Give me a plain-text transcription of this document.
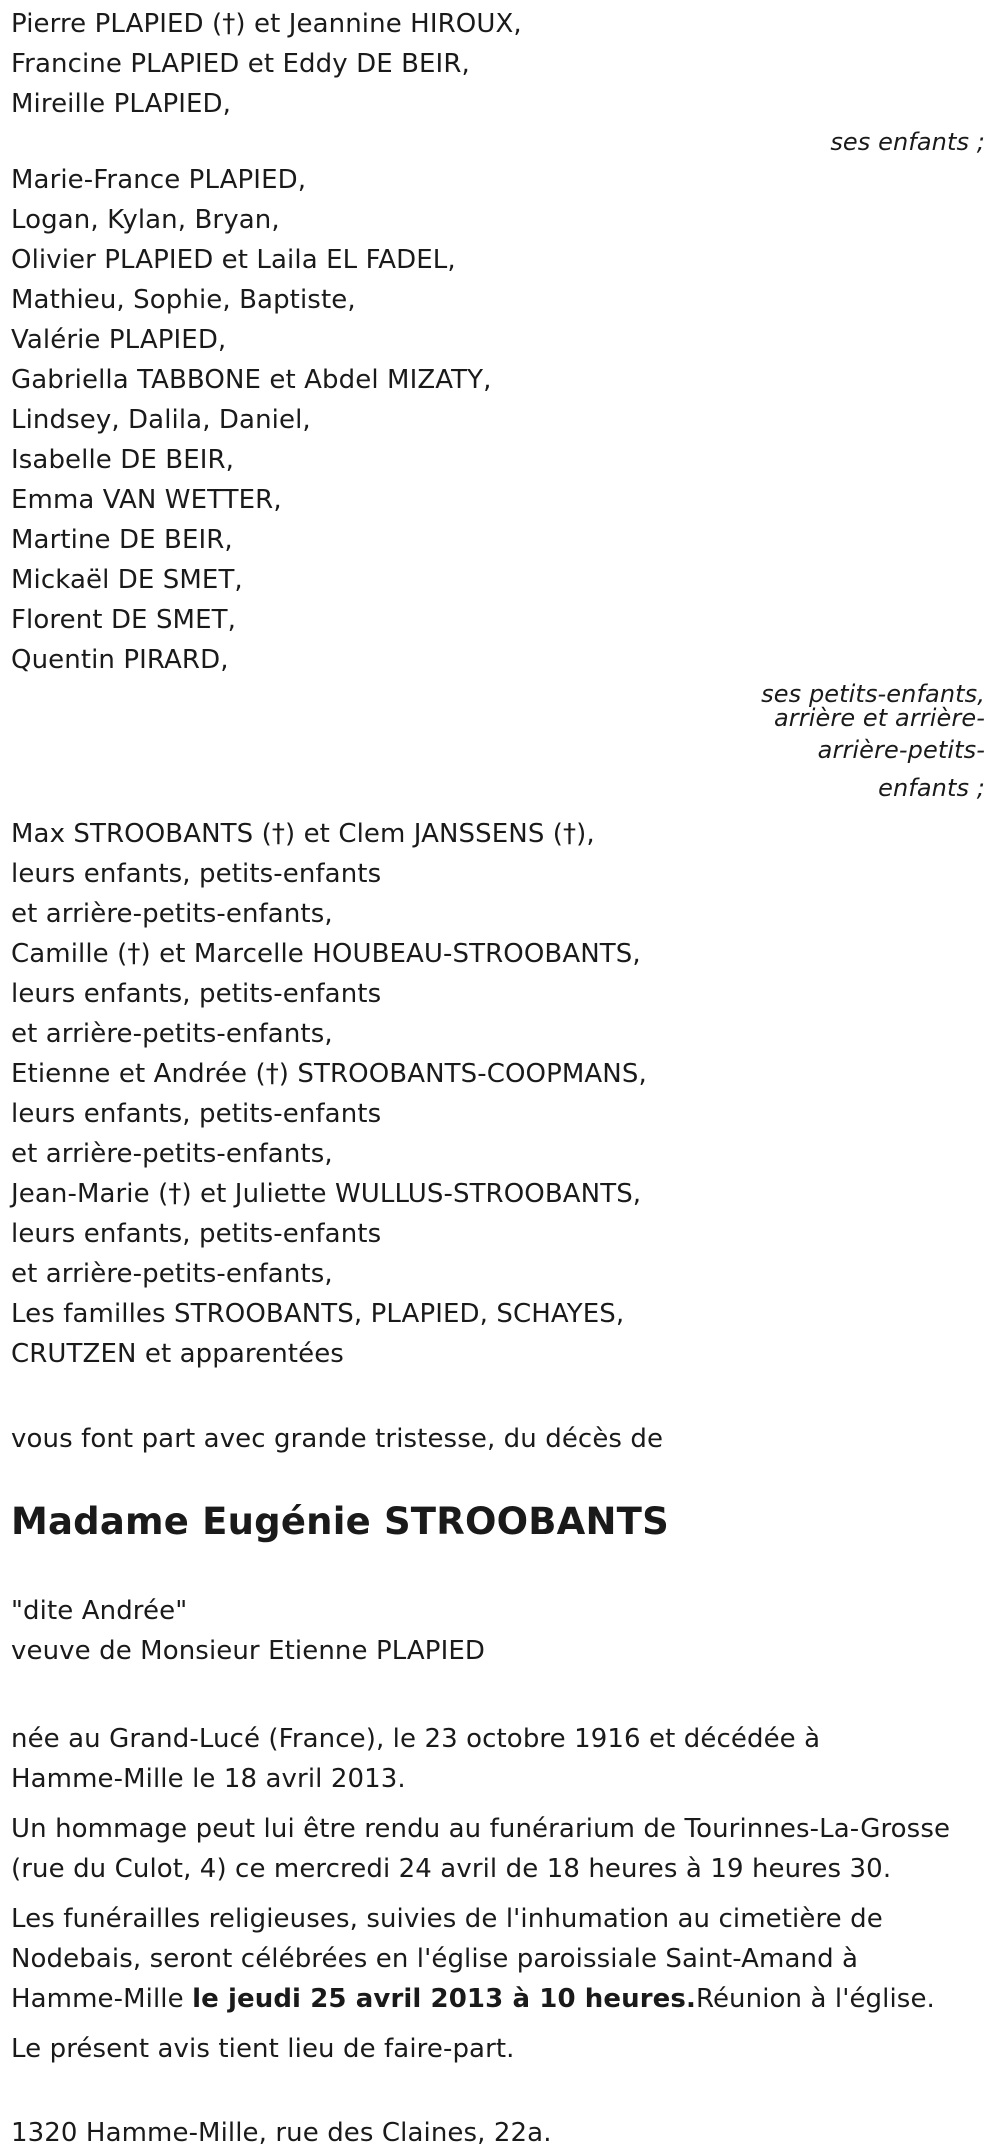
Pierre PLAPIED (†) et Jeannine HIROUX,
Francine PLAPIED et Eddy DE BEIR,
Mireille PLAPIED,
ses enfants ;
Marie-France PLAPIED,
Logan, Kylan, Bryan,
Olivier PLAPIED et Laila EL FADEL,
Mathieu, Sophie, Baptiste,
Valérie PLAPIED,
Gabriella TABBONE et Abdel MIZATY,
Lindsey, Dalila, Daniel,
Isabelle DE BEIR,
Emma VAN WETTER,
Martine DE BEIR,
Mickaël DE SMET,
Florent DE SMET,
Quentin PIRARD,
ses petits-enfants,
arrière et arrière-
arrière-petits-
enfants ;
Max STROOBANTS (†) et Clem JANSSENS (†),
leurs enfants, petits-enfants
et arrière-petits-enfants,
Camille (†) et Marcelle HOUBEAU-STROOBANTS,
leurs enfants, petits-enfants
et arrière-petits-enfants,
Etienne et Andrée (†) STROOBANTS-COOPMANS,
leurs enfants, petits-enfants
et arrière-petits-enfants,
Jean-Marie (†) et Juliette WULLUS-STROOBANTS,
leurs enfants, petits-enfants
et arrière-petits-enfants,
Les familles STROOBANTS, PLAPIED, SCHAYES,
CRUTZEN et apparentées

vous font part avec grande tristesse, du décès de

Madame Eugénie STROOBANTS
"dite Andrée"
veuve de Monsieur Etienne PLAPIED
née au Grand-Lucé (France), le 23 octobre 1916 et décédée à
Hamme-Mille le 18 avril 2013.
Un hommage peut lui être rendu au funérarium de Tourinnes-La-Grosse
(rue du Culot, 4) ce mercredi 24 avril de 18 heures à 19 heures 30.
Les funérailles religieuses, suivies de l'inhumation au cimetière de
Nodebais, seront célébrées en l'église paroissiale Saint-Amand à
Hamme-Mille le jeudi 25 avril 2013 à 10 heures.Réunion à l'église.

Le présent avis tient lieu de faire-part.

1320 Hamme-Mille, rue des Claines, 22a.
